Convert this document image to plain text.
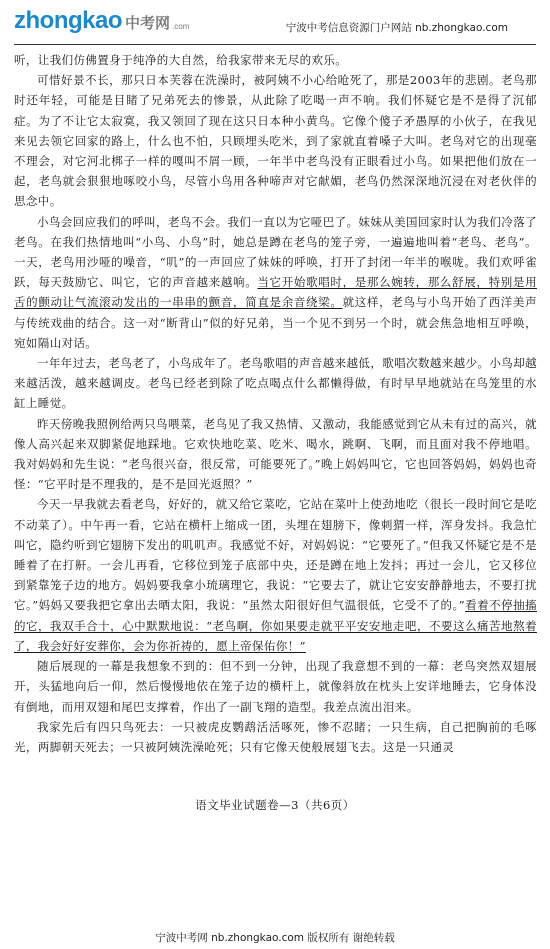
zhongkao 中考网 .com	宁波中考信息资源门户网站 nb.zhongkao.com

听，让我们仿佛置身于纯净的大自然，给我家带来无尽的欢乐。

可惜好景不长，那只日本芙蓉在洗澡时，被阿姨不小心给呛死了，那是2003年的悲剧。老鸟那时还年轻，可能是目睹了兄弟死去的惨景，从此除了吃喝一声不响。我们怀疑它是不是得了沉郁症。为了不让它太寂寞，我又领回了现在这只日本种小黄鸟。它像个傻子矛愚厚的小伙子，在我见来见去领它回家的路上，什么也不怕，只顾埋头吃米，到了家就直着嗓子大叫。老鸟对它的出现毫不理会，对它河北梆子一样的嘎叫不屑一顾，一年半中老鸟没有正眼看过小鸟。如果把他们放在一起，老鸟就会狠狠地啄咬小鸟，尽管小鸟用各种啼声对它献媚，老鸟仍然深深地沉浸在对老伙伴的思念中。

小鸟会回应我们的呼叫，老鸟不会。我们一直以为它哑巴了。妹妹从美国回家时认为我们冷落了老鸟。在我们热情地叫“小鸟、小鸟”时，她总是蹲在老鸟的笼子旁，一遍遍地叫着“老鸟、老鸟”。一天，老鸟用沙哑的噪音，“叽”的一声回应了妹妹的呼唤，打开了封闭一年半的喉咙。我们欢呼雀跃，每天鼓励它、叫它，它的声音越来越响。当它开始歌唱时，是那么婉转，那么舒展，特别是用舌的颤动让气流滚动发出的一串串的颤音，简直是余音绕梁。就这样，老鸟与小鸟开始了西洋美声与传统戏曲的结合。这一对“断背山”似的好兄弟，当一个见不到另一个时，就会焦急地相互呼唤，宛如隔山对话。

一年年过去，老鸟老了，小鸟成年了。老鸟歌唱的声音越来越低，歌唱次数越来越少。小鸟却越来越活泼，越来越调皮。老鸟已经老到除了吃点喝点什么都懒得做，有时早早地就站在鸟笼里的水缸上睡觉。

昨天傍晚我照例给两只鸟喂菜，老鸟见了我又热情、又激动，我能感觉到它从未有过的高兴，就像人高兴起来双脚紧促地踩地。它欢快地吃菜、吃米、喝水，跳啊、飞啊，而且面对我不停地唱。我对妈妈和先生说：“老鸟很兴奋，很反常，可能要死了。”晚上妈妈叫它，它也回答妈妈，妈妈也奇怪：“它平时是不理我的，是不是回光返照？”

今天一早我就去看老鸟，好好的，就又给它菜吃，它站在菜叶上使劲地吃（很长一段时间它是吃不动菜了）。中午再一看，它站在横杆上缩成一团，头埋在翅膀下，像刺猬一样，浑身发抖。我急忙叫它，隐约听到它翅膀下发出的叽叽声。我感觉不好，对妈妈说：“它要死了。”但我又怀疑它是不是睡着了在打鼾。一会儿再看，它移位到笼子底部中央，还是蹲在地上发抖；再过一会儿，它又移位到紧靠笼子边的地方。妈妈要我拿小琉璃理它，我说：“它要去了，就让它安安静静地去，不要打扰它。”妈妈又要我把它拿出去晒太阳，我说：“虽然太阳很好但气温很低，它受不了的。”看着不停抽搐的它，我双手合十，心中默默地说：“老鸟啊，你如果要走就平平安安地走吧，不要这么痛苦地熬着了，我会好好安葬你，会为你祈祷的，愿上帝保佑你！”

随后展现的一幕是我想象不到的：但不到一分钟，出现了我意想不到的一幕：老鸟突然双翅展开，头猛地向后一仰，然后慢慢地依在笼子边的横杆上，就像斜放在枕头上安详地睡去，它身体没有倒地，而用双翅和尾巴支撑着，作出了一副飞翔的造型。我差点流出泪来。

我家先后有四只鸟死去：一只被虎皮鹦鹉活活啄死，惨不忍睹；一只生病，自己把胸前的毛啄光，两脚朝天死去；一只被阿姨洗澡呛死；只有它像天使般展翅飞去。这是一只通灵

语文毕业试题卷—3（共6页）
宁波中考网 nb.zhongkao.com 版权所有 谢绝转载
